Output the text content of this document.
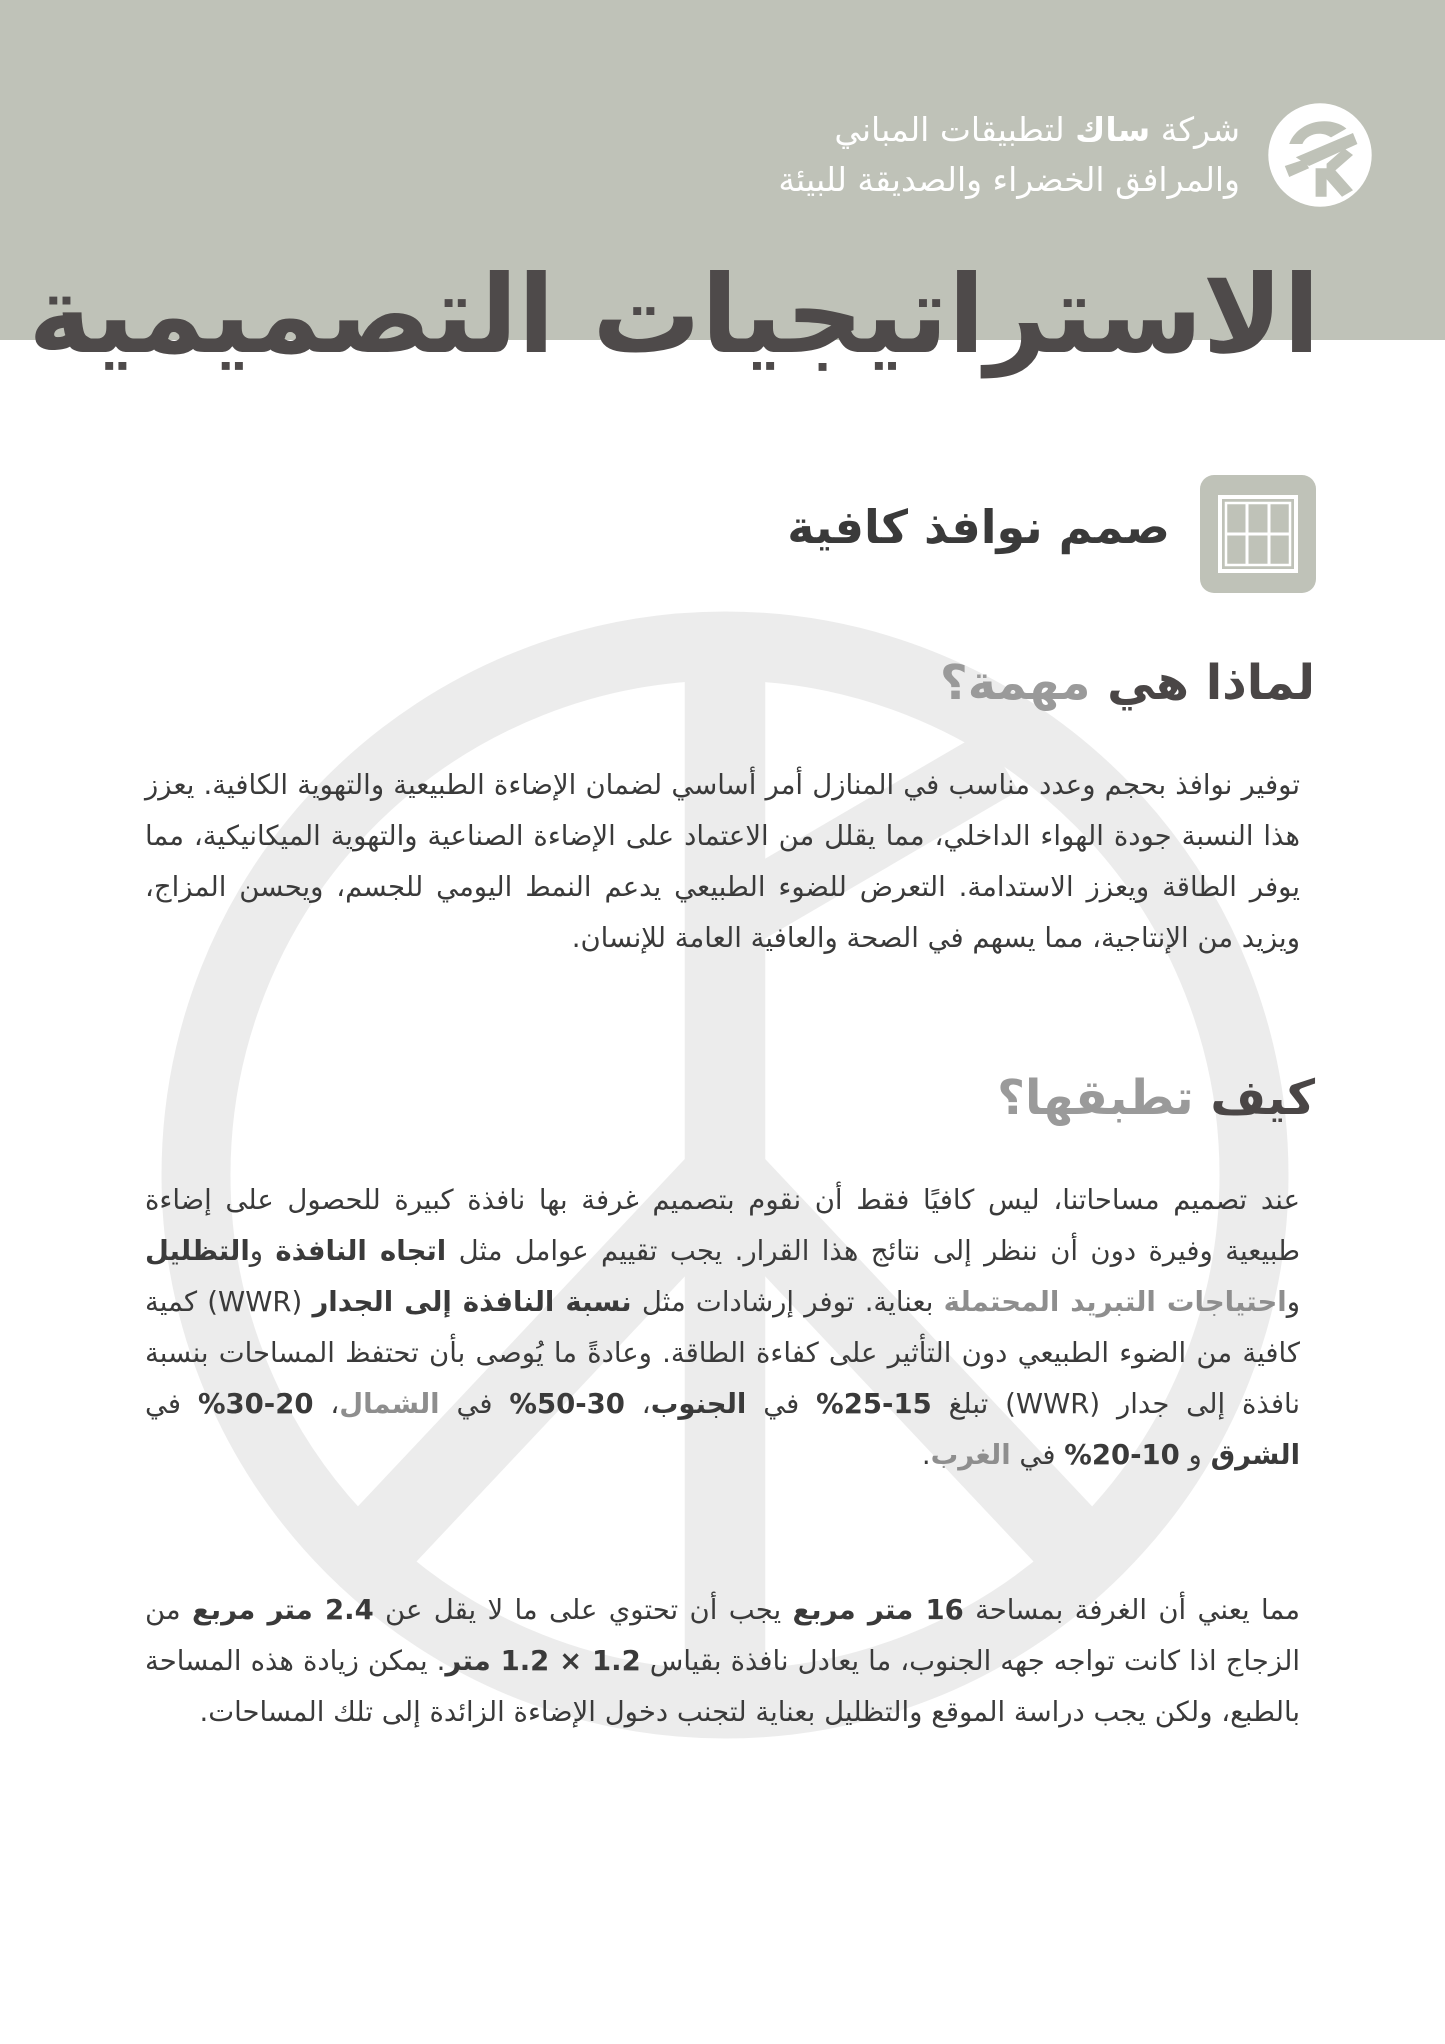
شركة ساك لتطبيقات المباني
والمرافق الخضراء والصديقة للبيئة
الاستراتيجيات التصميمية
صمم نوافذ كافية
لماذا هي مهمة؟

توفير نوافذ بحجم وعدد مناسب في المنازل أمر أساسي لضمان الإضاءة الطبيعية والتهوية الكافية. يعزز هذا النسبة جودة الهواء الداخلي، مما يقلل من الاعتماد على الإضاءة الصناعية والتهوية الميكانيكية، مما يوفر الطاقة ويعزز الاستدامة. التعرض للضوء الطبيعي يدعم النمط اليومي للجسم، ويحسن المزاج، ويزيد من الإنتاجية، مما يسهم في الصحة والعافية العامة للإنسان.

كيف تطبقها؟

عند تصميم مساحاتنا، ليس كافيًا فقط أن نقوم بتصميم غرفة بها نافذة كبيرة للحصول على إضاءة طبيعية وفيرة دون أن ننظر إلى نتائج هذا القرار. يجب تقييم عوامل مثل اتجاه النافذة والتظليل واحتياجات التبريد المحتملة بعناية. توفر إرشادات مثل نسبة النافذة إلى الجدار (WWR) كمية كافية من الضوء الطبيعي دون التأثير على كفاءة الطاقة. وعادةً ما يُوصى بأن تحتفظ المساحات بنسبة نافذة إلى جدار (WWR) تبلغ 15-25% في الجنوب، 30-50% في الشمال، 20-30% في الشرق و 10-20% في الغرب.

مما يعني أن الغرفة بمساحة 16 متر مربع يجب أن تحتوي على ما لا يقل عن 2.4 متر مربع من الزجاج اذا كانت تواجه جهه الجنوب، ما يعادل نافذة بقياس 1.2 × 1.2 متر. يمكن زيادة هذه المساحة بالطبع، ولكن يجب دراسة الموقع والتظليل بعناية لتجنب دخول الإضاءة الزائدة إلى تلك المساحات.
